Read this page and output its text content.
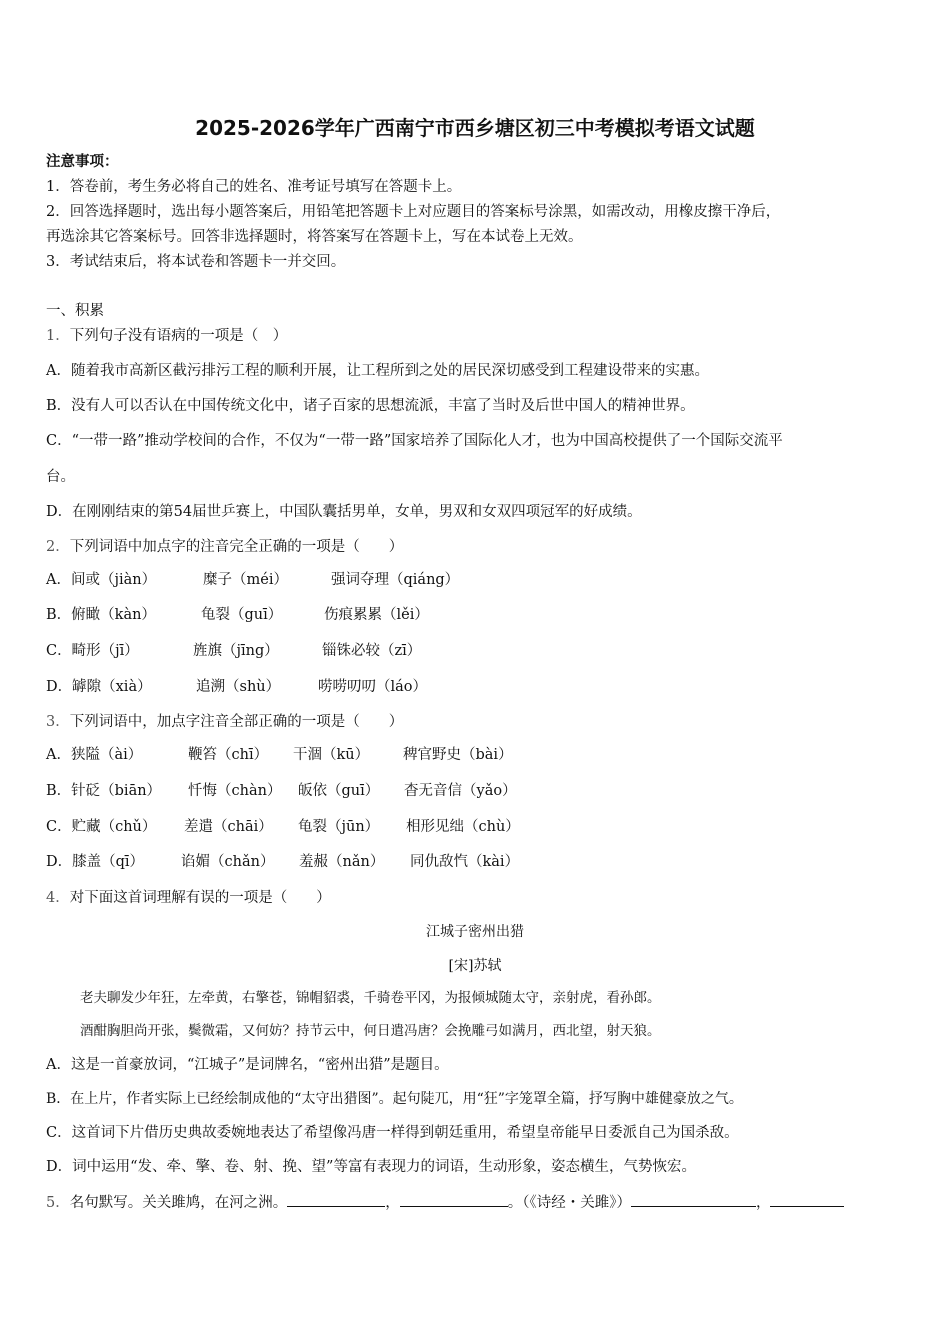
2025-2026学年广西南宁市西乡塘区初三中考模拟考语文试题
注意事项：
1．答卷前，考生务必将自己的姓名、准考证号填写在答题卡上。
2．回答选择题时，选出每小题答案后，用铅笔把答题卡上对应题目的答案标号涂黑，如需改动，用橡皮擦干净后，
再选涂其它答案标号。回答非选择题时，将答案写在答题卡上，写在本试卷上无效。
3．考试结束后，将本试卷和答题卡一并交回。
一、积累
1．下列句子没有语病的一项是（　）
A．随着我市高新区截污排污工程的顺利开展，让工程所到之处的居民深切感受到工程建设带来的实惠。
B．没有人可以否认在中国传统文化中，诸子百家的思想流派，丰富了当时及后世中国人的精神世界。
C．“一带一路”推动学校间的合作，不仅为“一带一路”国家培养了国际化人才，也为中国高校提供了一个国际交流平
台。
D．在刚刚结束的第54届世乒赛上，中国队囊括男单，女单，男双和女双四项冠军的好成绩。
2．下列词语中加点字的注音完全正确的一项是（　　）
A．间或（jiàn）	糜子（méi）	强词夺理（qiáng）
B．俯瞰（kàn）	龟裂（guī）	伤痕累累（lěi）
C．畸形（jī）	旌旗（jīng）	锱铢必较（zī）
D．罅隙（xià）	追溯（shù）	唠唠叨叨（láo）
3．下列词语中，加点字注音全部正确的一项是（　　）
A．狭隘（ài）	鞭笞（chī） 干涸（kū） 稗官野史（bài）
B．针砭（biān） 忏悔（chàn） 皈依（guī） 杳无音信（yǎo）
C．贮藏（chǔ） 差遣（chāi） 龟裂（jūn） 相形见绌（chù）
D．膝盖（qī）	谄媚（chǎn） 羞赧（nǎn） 同仇敌忾（kài）
4．对下面这首词理解有误的一项是（　　）
江城子密州出猎
[宋]苏轼
老夫聊发少年狂，左牵黄，右擎苍，锦帽貂裘，千骑卷平冈，为报倾城随太守，亲射虎，看孙郎。
酒酣胸胆尚开张，鬓微霜，又何妨？持节云中，何日遣冯唐？会挽雕弓如满月，西北望，射天狼。
A．这是一首豪放词，“江城子”是词牌名，“密州出猎”是题目。
B．在上片，作者实际上已经绘制成他的“太守出猎图”。起句陡兀，用“狂”字笼罩全篇，抒写胸中雄健豪放之气。
C．这首词下片借历史典故委婉地表达了希望像冯唐一样得到朝廷重用，希望皇帝能早日委派自己为国杀敌。
D．词中运用“发、牵、擎、卷、射、挽、望”等富有表现力的词语，生动形象，姿态横生，气势恢宏。
5．名句默写。关关雎鸠，在河之洲。	，	。（《诗经・关雎》）	，
